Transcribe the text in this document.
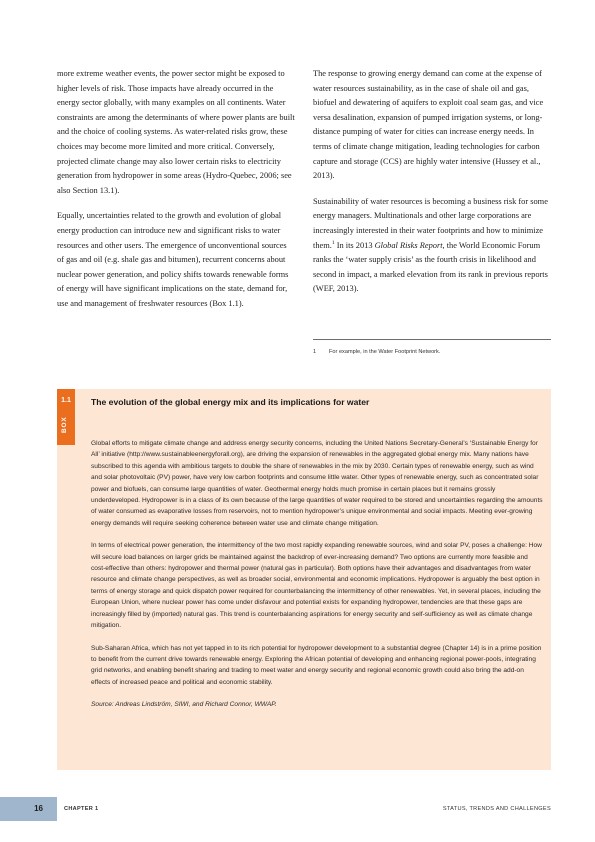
more extreme weather events, the power sector might be exposed to higher levels of risk. Those impacts have already occurred in the energy sector globally, with many examples on all continents. Water constraints are among the determinants of where power plants are built and the choice of cooling systems. As water-related risks grow, these choices may become more limited and more critical. Conversely, projected climate change may also lower certain risks to electricity generation from hydropower in some areas (Hydro-Quebec, 2006; see also Section 13.1).

Equally, uncertainties related to the growth and evolution of global energy production can introduce new and significant risks to water resources and other users. The emergence of unconventional sources of gas and oil (e.g. shale gas and bitumen), recurrent concerns about nuclear power generation, and policy shifts towards renewable forms of energy will have significant implications on the state, demand for, use and management of freshwater resources (Box 1.1).

The response to growing energy demand can come at the expense of water resources sustainability, as in the case of shale oil and gas, biofuel and dewatering of aquifers to exploit coal seam gas, and vice versa desalination, expansion of pumped irrigation systems, or long-distance pumping of water for cities can increase energy needs. In terms of climate change mitigation, leading technologies for carbon capture and storage (CCS) are highly water intensive (Hussey et al., 2013).

Sustainability of water resources is becoming a business risk for some energy managers. Multinationals and other large corporations are increasingly interested in their water footprints and how to minimize them.$^1$ In its 2013 Global Risks Report, the World Economic Forum ranks the ‘water supply crisis’ as the fourth crisis in likelihood and second in impact, a marked elevation from its rank in previous reports (WEF, 2013).

1 For example, in the Water Footprint Network.
1.1
BOX
The evolution of the global energy mix and its implications for water

Global efforts to mitigate climate change and address energy security concerns, including the United Nations Secretary-General’s ‘Sustainable Energy for All’ initiative (http://www.sustainableenergyforall.org), are driving the expansion of renewables in the aggregated global energy mix. Many nations have subscribed to this agenda with ambitious targets to double the share of renewables in the mix by 2030. Certain types of renewable energy, such as wind and solar photovoltaic (PV) power, have very low carbon footprints and consume little water. Other types of renewable energy, such as concentrated solar power and biofuels, can consume large quantities of water. Geothermal energy holds much promise in certain places but it remains grossly underdeveloped. Hydropower is in a class of its own because of the large quantities of water required to be stored and uncertainties regarding the amounts of water consumed as evaporative losses from reservoirs, not to mention hydropower’s unique environmental and social impacts. Meeting ever-growing energy demands will require seeking coherence between water use and climate change mitigation.

In terms of electrical power generation, the intermittency of the two most rapidly expanding renewable sources, wind and solar PV, poses a challenge: How will secure load balances on larger grids be maintained against the backdrop of ever-increasing demand? Two options are currently more feasible and cost-effective than others: hydropower and thermal power (natural gas in particular). Both options have their advantages and disadvantages from water resource and climate change perspectives, as well as broader social, environmental and economic implications. Hydropower is arguably the best option in terms of energy storage and quick dispatch power required for counterbalancing the intermittency of other renewables. Yet, in several places, including the European Union, where nuclear power has come under disfavour and potential exists for expanding hydropower, tendencies are that these gaps are increasingly filled by (imported) natural gas. This trend is counterbalancing aspirations for energy security and self-sufficiency as well as climate change mitigation.

Sub-Saharan Africa, which has not yet tapped in to its rich potential for hydropower development to a substantial degree (Chapter 14) is in a prime position to benefit from the current drive towards renewable energy. Exploring the African potential of developing and enhancing regional power-pools, integrating grid networks, and enabling benefit sharing and trading to meet water and energy security and regional economic growth could also bring the add-on effects of increased peace and political and economic stability.

Source: Andreas Lindström, SIWI, and Richard Connor, WWAP.

16	CHAPTER 1	STATUS, TRENDS AND CHALLENGES
